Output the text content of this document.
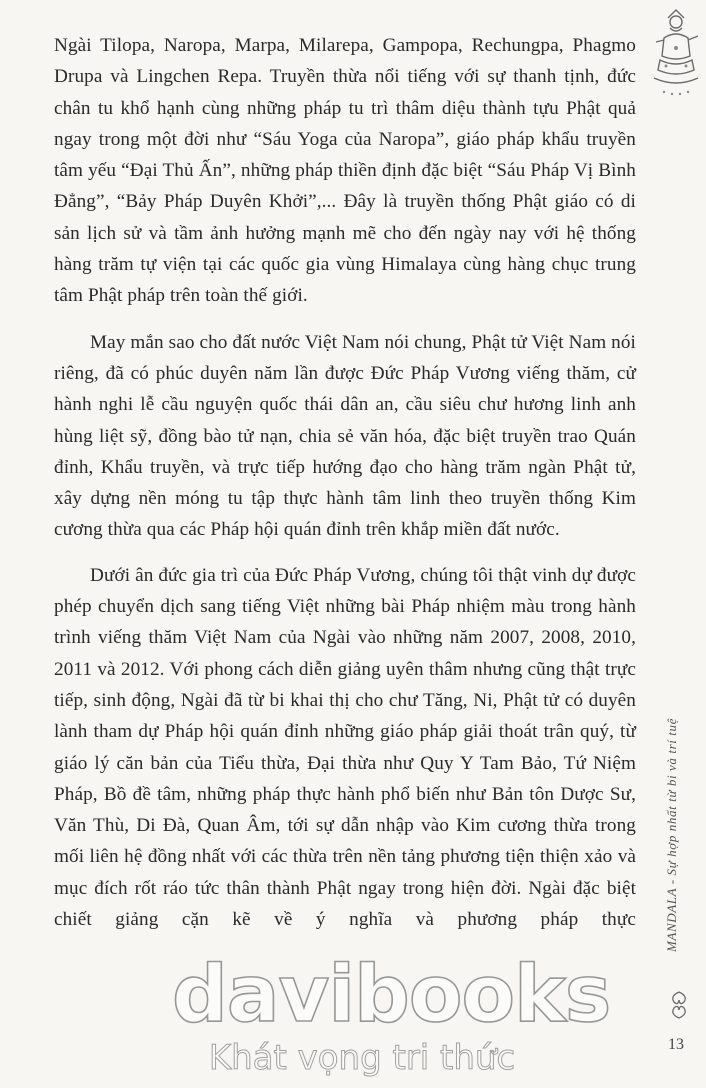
Ngài Tilopa, Naropa, Marpa, Milarepa, Gampopa, Rechungpa, Phagmo Drupa và Lingchen Repa. Truyền thừa nổi tiếng với sự thanh tịnh, đức chân tu khổ hạnh cùng những pháp tu trì thâm diệu thành tựu Phật quả ngay trong một đời như “Sáu Yoga của Naropa”, giáo pháp khẩu truyền tâm yếu “Đại Thủ Ấn”, những pháp thiền định đặc biệt “Sáu Pháp Vị Bình Đẳng”, “Bảy Pháp Duyên Khởi”,... Đây là truyền thống Phật giáo có di sản lịch sử và tầm ảnh hưởng mạnh mẽ cho đến ngày nay với hệ thống hàng trăm tự viện tại các quốc gia vùng Himalaya cùng hàng chục trung tâm Phật pháp trên toàn thế giới.

May mắn sao cho đất nước Việt Nam nói chung, Phật tử Việt Nam nói riêng, đã có phúc duyên năm lần được Đức Pháp Vương viếng thăm, cử hành nghi lễ cầu nguyện quốc thái dân an, cầu siêu chư hương linh anh hùng liệt sỹ, đồng bào tử nạn, chia sẻ văn hóa, đặc biệt truyền trao Quán đỉnh, Khẩu truyền, và trực tiếp hướng đạo cho hàng trăm ngàn Phật tử, xây dựng nền móng tu tập thực hành tâm linh theo truyền thống Kim cương thừa qua các Pháp hội quán đỉnh trên khắp miền đất nước.

Dưới ân đức gia trì của Đức Pháp Vương, chúng tôi thật vinh dự được phép chuyển dịch sang tiếng Việt những bài Pháp nhiệm màu trong hành trình viếng thăm Việt Nam của Ngài vào những năm 2007, 2008, 2010, 2011 và 2012. Với phong cách diễn giảng uyên thâm nhưng cũng thật trực tiếp, sinh động, Ngài đã từ bi khai thị cho chư Tăng, Ni, Phật tử có duyên lành tham dự Pháp hội quán đỉnh những giáo pháp giải thoát trân quý, từ giáo lý căn bản của Tiểu thừa, Đại thừa như Quy Y Tam Bảo, Tứ Niệm Pháp, Bồ đề tâm, những pháp thực hành phổ biến như Bản tôn Dược Sư, Văn Thù, Di Đà, Quan Âm, tới sự dẫn nhập vào Kim cương thừa trong mối liên hệ đồng nhất với các thừa trên nền tảng phương tiện thiện xảo và mục đích rốt ráo tức thân thành Phật ngay trong hiện đời. Ngài đặc biệt chiết giảng cặn kẽ về ý nghĩa và phương pháp thực MANDALA - Sự hợp nhất từ bi và trí tuệ
13
davibooks
Khát vọng tri thức
